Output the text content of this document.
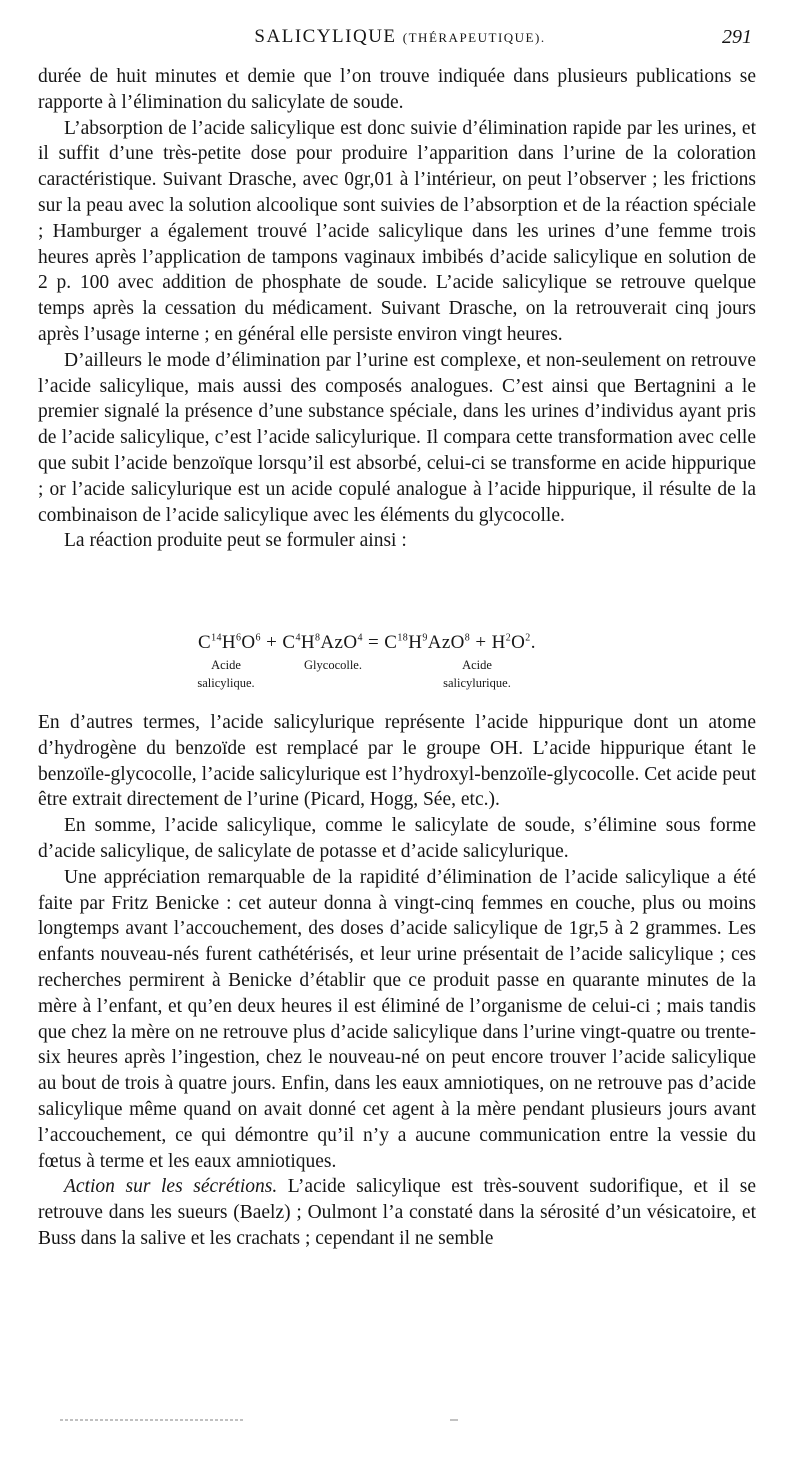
SALICYLIQUE (THÉRAPEUTIQUE).	291

durée de huit minutes et demie que l’on trouve indiquée dans plusieurs publications se rapporte à l’élimination du salicylate de soude.

L’absorption de l’acide salicylique est donc suivie d’élimination rapide par les urines, et il suffit d’une très-petite dose pour produire l’apparition dans l’urine de la coloration caractéristique. Suivant Drasche, avec 0gr,01 à l’intérieur, on peut l’observer ; les frictions sur la peau avec la solution alcoolique sont suivies de l’absorption et de la réaction spéciale ; Hamburger a également trouvé l’acide salicylique dans les urines d’une femme trois heures après l’application de tampons vaginaux imbibés d’acide salicylique en solution de 2 p. 100 avec addition de phosphate de soude. L’acide salicylique se retrouve quelque temps après la cessation du médicament. Suivant Drasche, on la retrouverait cinq jours après l’usage interne ; en général elle persiste environ vingt heures.

D’ailleurs le mode d’élimination par l’urine est complexe, et non-seulement on retrouve l’acide salicylique, mais aussi des composés analogues. C’est ainsi que Bertagnini a le premier signalé la présence d’une substance spéciale, dans les urines d’individus ayant pris de l’acide salicylique, c’est l’acide salicylurique. Il compara cette transformation avec celle que subit l’acide benzoïque lorsqu’il est absorbé, celui-ci se transforme en acide hippurique ; or l’acide salicylurique est un acide copulé analogue à l’acide hippurique, il résulte de la combinaison de l’acide salicylique avec les éléments du glycocolle.

La réaction produite peut se formuler ainsi :

$C^{14}H^6O^6 + C^4H^8AzO^4 = C^{18}H^9AzO^8 + H^2O^2$.
Acide
salicylique.
Glycocolle.	Acide
salicylurique.

En d’autres termes, l’acide salicylurique représente l’acide hippurique dont un atome d’hydrogène du benzoïde est remplacé par le groupe OH. L’acide hippurique étant le benzoïle-glycocolle, l’acide salicylurique est l’hydroxyl-benzoïle-glycocolle. Cet acide peut être extrait directement de l’urine (Picard, Hogg, Sée, etc.).

En somme, l’acide salicylique, comme le salicylate de soude, s’élimine sous forme d’acide salicylique, de salicylate de potasse et d’acide salicylurique.

Une appréciation remarquable de la rapidité d’élimination de l’acide salicylique a été faite par Fritz Benicke : cet auteur donna à vingt-cinq femmes en couche, plus ou moins longtemps avant l’accouchement, des doses d’acide salicylique de 1gr,5 à 2 grammes. Les enfants nouveau-nés furent cathétérisés, et leur urine présentait de l’acide salicylique ; ces recherches permirent à Benicke d’établir que ce produit passe en quarante minutes de la mère à l’enfant, et qu’en deux heures il est éliminé de l’organisme de celui-ci ; mais tandis que chez la mère on ne retrouve plus d’acide salicylique dans l’urine vingt-quatre ou trente-six heures après l’ingestion, chez le nouveau-né on peut encore trouver l’acide salicylique au bout de trois à quatre jours. Enfin, dans les eaux amniotiques, on ne retrouve pas d’acide salicylique même quand on avait donné cet agent à la mère pendant plusieurs jours avant l’accouchement, ce qui démontre qu’il n’y a aucune communication entre la vessie du fœtus à terme et les eaux amniotiques.

Action sur les sécrétions. L’acide salicylique est très-souvent sudorifique, et il se retrouve dans les sueurs (Baelz) ; Oulmont l’a constaté dans la sérosité d’un vésicatoire, et Buss dans la salive et les crachats ; cependant il ne semble
